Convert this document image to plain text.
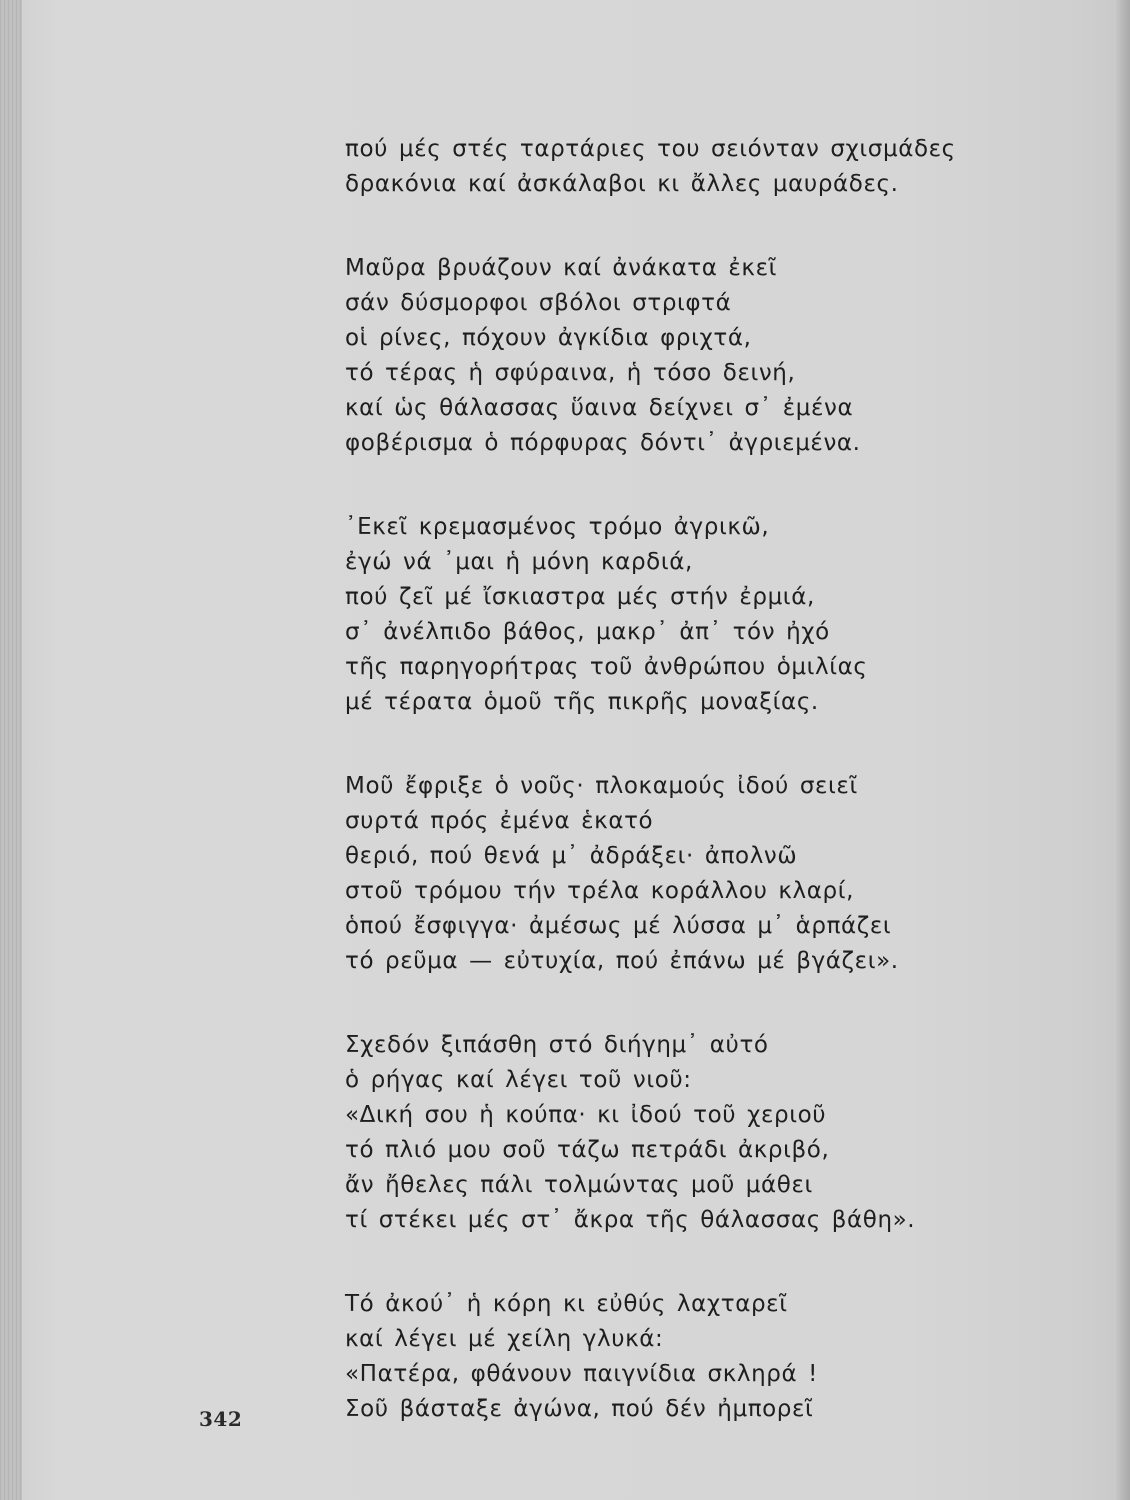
πού μές στές ταρτάριες του σειόνταν σχισμάδες
δρακόνια καί ἀσκάλαβοι κι ἄλλες μαυράδες.
Μαῦρα βρυάζουν καί ἀνάκατα ἐκεῖ
σάν δύσμορφοι σβόλοι στριφτά
οἱ ρίνες, πόχουν ἀγκίδια φριχτά,
τό τέρας ἡ σφύραινα, ἡ τόσο δεινή,
καί ὡς θάλασσας ὕαινα δείχνει σ᾿ ἐμένα
φοβέρισμα ὁ πόρφυρας δόντι᾿ ἀγριεμένα.
᾿Εκεῖ κρεμασμένος τρόμο ἀγρικῶ,
ἐγώ νά ᾿μαι ἡ μόνη καρδιά,
πού ζεῖ μέ ἴσκιαστρα μές στήν ἐρμιά,
σ᾿ ἀνέλπιδο βάθος, μακρ᾿ ἀπ᾿ τόν ἠχό
τῆς παρηγορήτρας τοῦ ἀνθρώπου ὁμιλίας
μέ τέρατα ὁμοῦ τῆς πικρῆς μοναξίας.
Μοῦ ἔφριξε ὁ νοῦς· πλοκαμούς ἰδού σειεῖ
συρτά πρός ἐμένα ἑκατό
θεριό, πού θενά μ᾿ ἀδράξει· ἀπολνῶ
στοῦ τρόμου τήν τρέλα κοράλλου κλαρί,
ὁπού ἔσφιγγα· ἀμέσως μέ λύσσα μ᾿ ἁρπάζει
τό ρεῦμα — εὐτυχία, πού ἐπάνω μέ βγάζει».
Σχεδόν ξιπάσθη στό διήγημ᾿ αὐτό
ὁ ρήγας καί λέγει τοῦ νιοῦ:
«Δική σου ἡ κούπα· κι ἰδού τοῦ χεριοῦ
τό πλιό μου σοῦ τάζω πετράδι ἀκριβό,
ἄν ἤθελες πάλι τολμώντας μοῦ μάθει
τί στέκει μές στ᾿ ἄκρα τῆς θάλασσας βάθη».
Τό ἀκού᾿ ἡ κόρη κι εὐθύς λαχταρεῖ
καί λέγει μέ χείλη γλυκά:
«Πατέρα, φθάνουν παιγνίδια σκληρά !
Σοῦ βάσταξε ἀγώνα, πού δέν ἠμπορεῖ
342
